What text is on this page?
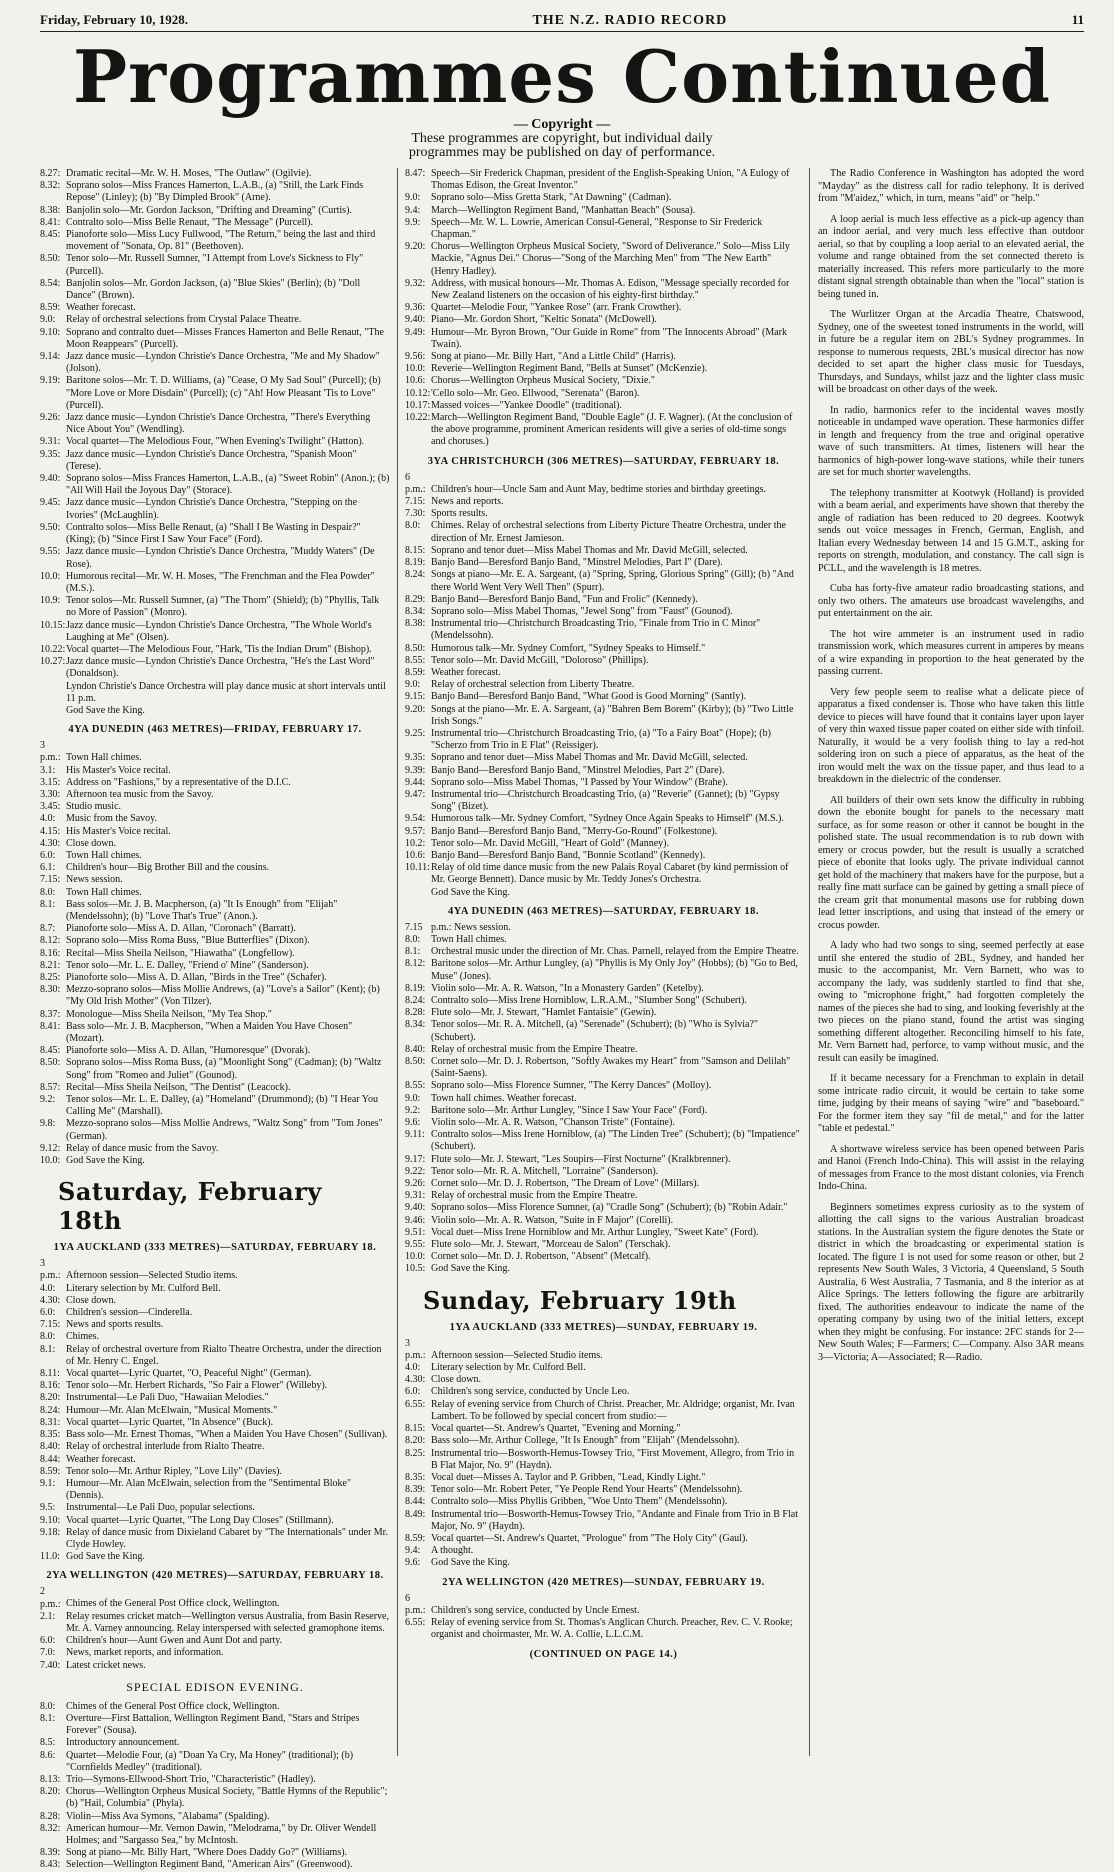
Friday, February 10, 1928.	THE N.Z. RADIO RECORD	11
Programmes Continued
— Copyright —
These programmes are copyright, but individual daily
programmes may be published on day of performance.
8.27: Dramatic recital—Mr. W. H. Moses, "The Outlaw" (Ogilvie).
8.32: Soprano solos—Miss Frances Hamerton, L.A.B., (a) "Still, the Lark Finds Repose" (Linley); (b) "By Dimpled Brook" (Arne).
8.38: Banjolin solo—Mr. Gordon Jackson, "Drifting and Dreaming" (Curtis).
8.41: Contralto solo—Miss Belle Renaut, "The Message" (Purcell).
8.45: Pianoforte solo—Miss Lucy Fullwood, "The Return," being the last and third movement of "Sonata, Op. 81" (Beethoven).
8.50: Tenor solo—Mr. Russell Sumner, "I Attempt from Love's Sickness to Fly" (Purcell).
8.54: Banjolin solos—Mr. Gordon Jackson, (a) "Blue Skies" (Berlin); (b) "Doll Dance" (Brown).
8.59: Weather forecast.
9.0: Relay of orchestral selections from Crystal Palace Theatre.
9.10: Soprano and contralto duet—Misses Frances Hamerton and Belle Renaut, "The Moon Reappears" (Purcell).
9.14: Jazz dance music—Lyndon Christie's Dance Orchestra, "Me and My Shadow" (Jolson).
9.19: Baritone solos—Mr. T. D. Williams, (a) "Cease, O My Sad Soul" (Purcell); (b) "More Love or More Disdain" (Purcell); (c) "Ah! How Pleasant 'Tis to Love" (Purcell).
9.26: Jazz dance music—Lyndon Christie's Dance Orchestra, "There's Everything Nice About You" (Wendling).
9.31: Vocal quartet—The Melodious Four, "When Evening's Twilight" (Hatton).
9.35: Jazz dance music—Lyndon Christie's Dance Orchestra, "Spanish Moon" (Terese).
9.40: Soprano solos—Miss Frances Hamerton, L.A.B., (a) "Sweet Robin" (Anon.); (b) "All Will Hail the Joyous Day" (Storace).
9.45: Jazz dance music—Lyndon Christie's Dance Orchestra, "Stepping on the Ivories" (McLaughlin).
9.50: Contralto solos—Miss Belle Renaut, (a) "Shall I Be Wasting in Despair?" (King); (b) "Since First I Saw Your Face" (Ford).
9.55: Jazz dance music—Lyndon Christie's Dance Orchestra, "Muddy Waters" (De Rose).
10.0: Humorous recital—Mr. W. H. Moses, "The Frenchman and the Flea Powder" (M.S.).
10.9: Tenor solos—Mr. Russell Sumner, (a) "The Thorn" (Shield); (b) "Phyllis, Talk no More of Passion" (Monro).
10.15:Jazz dance music—Lyndon Christie's Dance Orchestra, "The Whole World's Laughing at Me" (Olsen).
10.22:Vocal quartet—The Melodious Four, "Hark, 'Tis the Indian Drum" (Bishop).
10.27:Jazz dance music—Lyndon Christie's Dance Orchestra, "He's the Last Word" (Donaldson).
Lyndon Christie's Dance Orchestra will play dance music at short intervals until 11 p.m.
God Save the King.
4YA DUNEDIN (463 METRES)—FRIDAY, FEBRUARY 17.
3 p.m.: Town Hall chimes.
3.1: His Master's Voice recital.
3.15: Address on "Fashions," by a representative of the D.I.C.
3.30: Afternoon tea music from the Savoy.
3.45: Studio music.
4.0: Music from the Savoy.
4.15: His Master's Voice recital.
4.30: Close down.
6.0: Town Hall chimes.
6.1: Children's hour—Big Brother Bill and the cousins.
7.15: News session.
8.0: Town Hall chimes.
8.1: Bass solos—Mr. J. B. Macpherson, (a) "It Is Enough" from "Elijah" (Mendelssohn); (b) "Love That's True" (Anon.).
8.7: Pianoforte solo—Miss A. D. Allan, "Coronach" (Barratt).
8.12: Soprano solo—Miss Roma Buss, "Blue Butterflies" (Dixon).
8.16: Recital—Miss Sheila Neilson, "Hiawatha" (Longfellow).
8.21: Tenor solo—Mr. L. E. Dalley, "Friend o' Mine" (Sanderson).
8.25: Pianoforte solo—Miss A. D. Allan, "Birds in the Tree" (Schafer).
8.30: Mezzo-soprano solos—Miss Mollie Andrews, (a) "Love's a Sailor" (Kent); (b) "My Old Irish Mother" (Von Tilzer).
8.37: Monologue—Miss Sheila Neilson, "My Tea Shop."
8.41: Bass solo—Mr. J. B. Macpherson, "When a Maiden You Have Chosen" (Mozart).
8.45: Pianoforte solo—Miss A. D. Allan, "Humoresque" (Dvorak).
8.50: Soprano solos—Miss Roma Buss, (a) "Moonlight Song" (Cadman); (b) "Waltz Song" from "Romeo and Juliet" (Gounod).
8.57: Recital—Miss Sheila Neilson, "The Dentist" (Leacock).
9.2: Tenor solos—Mr. L. E. Dalley, (a) "Homeland" (Drummond); (b) "I Hear You Calling Me" (Marshall).
9.8: Mezzo-soprano solos—Miss Mollie Andrews, "Waltz Song" from "Tom Jones" (German).
9.12: Relay of dance music from the Savoy.
10.0: God Save the King.
Saturday, February 18th
1YA AUCKLAND (333 METRES)—SATURDAY, FEBRUARY 18.
3 p.m.: Afternoon session—Selected Studio items.
4.0: Literary selection by Mr. Culford Bell.
4.30: Close down.
6.0: Children's session—Cinderella.
7.15: News and sports results.
8.0: Chimes.
8.1: Relay of orchestral overture from Rialto Theatre Orchestra, under the direction of Mr. Henry C. Engel.
8.11: Vocal quartet—Lyric Quartet, "O, Peaceful Night" (German).
8.16: Tenor solo—Mr. Herbert Richards, "So Fair a Flower" (Willeby).
8.20: Instrumental—Le Pali Duo, "Hawaiian Melodies."
8.24: Humour—Mr. Alan McElwain, "Musical Moments."
8.31: Vocal quartet—Lyric Quartet, "In Absence" (Buck).
8.35: Bass solo—Mr. Ernest Thomas, "When a Maiden You Have Chosen" (Sullivan).
8.40: Relay of orchestral interlude from Rialto Theatre.
8.44: Weather forecast.
8.59: Tenor solo—Mr. Arthur Ripley, "Love Lily" (Davies).
9.1: Humour—Mr. Alan McElwain, selection from the "Sentimental Bloke" (Dennis).
9.5: Instrumental—Le Pali Duo, popular selections.
9.10: Vocal quartet—Lyric Quartet, "The Long Day Closes" (Stillmann).
9.18: Relay of dance music from Dixieland Cabaret by "The Internationals" under Mr. Clyde Howley.
11.0: God Save the King.
2YA WELLINGTON (420 METRES)—SATURDAY, FEBRUARY 18.
2 p.m.: Chimes of the General Post Office clock, Wellington.
2.1: Relay resumes cricket match—Wellington versus Australia, from Basin Reserve, Mr. A. Varney announcing. Relay interspersed with selected gramophone items.
6.0: Children's hour—Aunt Gwen and Aunt Dot and party.
7.0: News, market reports, and information.
7.40: Latest cricket news.
SPECIAL EDISON EVENING.
8.0: Chimes of the General Post Office clock, Wellington.
8.1: Overture—First Battalion, Wellington Regiment Band, "Stars and Stripes Forever" (Sousa).
8.5: Introductory announcement.
8.6: Quartet—Melodie Four, (a) "Doan Ya Cry, Ma Honey" (traditional); (b) "Cornfields Medley" (traditional).
8.13: Trio—Symons-Ellwood-Short Trio, "Characteristic" (Hadley).
8.20: Chorus—Wellington Orpheus Musical Society, "Battle Hymns of the Republic"; (b) "Hail, Columbia" (Phyla).
8.28: Violin—Miss Ava Symons, "Alabama" (Spalding).
8.32: American humour—Mr. Vernon Dawin, "Melodrama," by Dr. Oliver Wendell Holmes; and "Sargasso Sea," by McIntosh.
8.39: Song at piano—Mr. Billy Hart, "Where Does Daddy Go?" (Williams).
8.43: Selection—Wellington Regiment Band, "American Airs" (Greenwood).
8.47: Speech—Sir Frederick Chapman, president of the English-Speaking Union, "A Eulogy of Thomas Edison, the Great Inventor."
9.0: Soprano solo—Miss Gretta Stark, "At Dawning" (Cadman).
9.4: March—Wellington Regiment Band, "Manhattan Beach" (Sousa).
9.9: Speech—Mr. W. L. Lowrie, American Consul-General, "Response to Sir Frederick Chapman."
9.20: Chorus—Wellington Orpheus Musical Society, "Sword of Deliverance." Solo—Miss Lily Mackie, "Agnus Dei." Chorus—"Song of the Marching Men" from "The New Earth" (Henry Hadley).
9.32: Address, with musical honours—Mr. Thomas A. Edison, "Message specially recorded for New Zealand listeners on the occasion of his eighty-first birthday."
9.36: Quartet—Melodie Four, "Yankee Rose" (arr. Frank Crowther).
9.40: Piano—Mr. Gordon Short, "Keltic Sonata" (McDowell).
9.49: Humour—Mr. Byron Brown, "Our Guide in Rome" from "The Innocents Abroad" (Mark Twain).
9.56: Song at piano—Mr. Billy Hart, "And a Little Child" (Harris).
10.0: Reverie—Wellington Regiment Band, "Bells at Sunset" (McKenzie).
10.6: Chorus—Wellington Orpheus Musical Society, "Dixie."
10.12:'Cello solo—Mr. Geo. Ellwood, "Serenata" (Baron).
10.17:Massed voices—"Yankee Doodle" (traditional).
10.22:March—Wellington Regiment Band, "Double Eagle" (J. F. Wagner). (At the conclusion of the above programme, prominent American residents will give a series of old-time songs and choruses.)
3YA CHRISTCHURCH (306 METRES)—SATURDAY, FEBRUARY 18.
6 p.m.: Children's hour—Uncle Sam and Aunt May, bedtime stories and birthday greetings.
7.15: News and reports.
7.30: Sports results.
8.0: Chimes. Relay of orchestral selections from Liberty Picture Theatre Orchestra, under the direction of Mr. Ernest Jamieson.
8.15: Soprano and tenor duet—Miss Mabel Thomas and Mr. David McGill, selected.
8.19: Banjo Band—Beresford Banjo Band, "Minstrel Melodies, Part I" (Dare).
8.24: Songs at piano—Mr. E. A. Sargeant, (a) "Spring, Spring, Glorious Spring" (Gill); (b) "And there World Went Very Well Then" (Spurr).
8.29: Banjo Band—Beresford Banjo Band, "Fun and Frolic" (Kennedy).
8.34: Soprano solo—Miss Mabel Thomas, "Jewel Song" from "Faust" (Gounod).
8.38: Instrumental trio—Christchurch Broadcasting Trio, "Finale from Trio in C Minor" (Mendelssohn).
8.50: Humorous talk—Mr. Sydney Comfort, "Sydney Speaks to Himself."
8.55: Tenor solo—Mr. David McGill, "Doloroso" (Phillips).
8.59: Weather forecast.
9.0: Relay of orchestral selection from Liberty Theatre.
9.15: Banjo Band—Beresford Banjo Band, "What Good is Good Morning" (Santly).
9.20: Songs at the piano—Mr. E. A. Sargeant, (a) "Bahren Bem Borem" (Kirby); (b) "Two Little Irish Songs."
9.25: Instrumental trio—Christchurch Broadcasting Trio, (a) "To a Fairy Boat" (Hope); (b) "Scherzo from Trio in E Flat" (Reissiger).
9.35: Soprano and tenor duet—Miss Mabel Thomas and Mr. David McGill, selected.
9.39: Banjo Band—Beresford Banjo Band, "Minstrel Melodies, Part 2" (Dare).
9.44: Soprano solo—Miss Mabel Thomas, "I Passed by Your Window" (Brahe).
9.47: Instrumental trio—Christchurch Broadcasting Trio, (a) "Reverie" (Gannet); (b) "Gypsy Song" (Bizet).
9.54: Humorous talk—Mr. Sydney Comfort, "Sydney Once Again Speaks to Himself" (M.S.).
9.57: Banjo Band—Beresford Banjo Band, "Merry-Go-Round" (Folkestone).
10.2: Tenor solo—Mr. David McGill, "Heart of Gold" (Manney).
10.6: Banjo Band—Beresford Banjo Band, "Bonnie Scotland" (Kennedy).
10.11:Relay of old time dance music from the new Palais Royal Cabaret (by kind permission of Mr. George Bennett). Dance music by Mr. Teddy Jones's Orchestra.
God Save the King.
4YA DUNEDIN (463 METRES)—SATURDAY, FEBRUARY 18.
7.15 p.m.: News session.
8.0: Town Hall chimes.
8.1: Orchestral music under the direction of Mr. Chas. Parnell, relayed from the Empire Theatre.
8.12: Baritone solos—Mr. Arthur Lungley, (a) "Phyllis is My Only Joy" (Hobbs); (b) "Go to Bed, Muse" (Jones).
8.19: Violin solo—Mr. A. R. Watson, "In a Monastery Garden" (Ketelby).
8.24: Contralto solo—Miss Irene Horniblow, L.R.A.M., "Slumber Song" (Schubert).
8.28: Flute solo—Mr. J. Stewart, "Hamlet Fantaisie" (Gewin).
8.34: Tenor solos—Mr. R. A. Mitchell, (a) "Serenade" (Schubert); (b) "Who is Sylvia?" (Schubert).
8.40: Relay of orchestral music from the Empire Theatre.
8.50: Cornet solo—Mr. D. J. Robertson, "Softly Awakes my Heart" from "Samson and Delilah" (Saint-Saens).
8.55: Soprano solo—Miss Florence Sumner, "The Kerry Dances" (Molloy).
9.0: Town hall chimes. Weather forecast.
9.2: Baritone solo—Mr. Arthur Lungley, "Since I Saw Your Face" (Ford).
9.6: Violin solo—Mr. A. R. Watson, "Chanson Triste" (Fontaine).
9.11: Contralto solos—Miss Irene Horniblow, (a) "The Linden Tree" (Schubert); (b) "Impatience" (Schubert).
9.17: Flute solo—Mr. J. Stewart, "Les Soupirs—First Nocturne" (Kralkbrenner).
9.22: Tenor solo—Mr. R. A. Mitchell, "Lorraine" (Sanderson).
9.26: Cornet solo—Mr. D. J. Robertson, "The Dream of Love" (Millars).
9.31: Relay of orchestral music from the Empire Theatre.
9.40: Soprano solos—Miss Florence Sumner, (a) "Cradle Song" (Schubert); (b) "Robin Adair."
9.46: Violin solo—Mr. A. R. Watson, "Suite in F Major" (Corelli).
9.51: Vocal duet—Miss Irene Horniblow and Mr. Arthur Lungley, "Sweet Kate" (Ford).
9.55: Flute solo—Mr. J. Stewart, "Morceau de Salon" (Terschak).
10.0: Cornet solo—Mr. D. J. Robertson, "Absent" (Metcalf).
10.5: God Save the King.
Sunday, February 19th
1YA AUCKLAND (333 METRES)—SUNDAY, FEBRUARY 19.
3 p.m.: Afternoon session—Selected Studio items.
4.0: Literary selection by Mr. Culford Bell.
4.30: Close down.
6.0: Children's song service, conducted by Uncle Leo.
6.55: Relay of evening service from Church of Christ. Preacher, Mr. Aldridge; organist, Mr. Ivan Lambert. To be followed by special concert from studio:—
8.15: Vocal quartet—St. Andrew's Quartet, "Evening and Morning."
8.20: Bass solo—Mr. Arthur College, "It Is Enough" from "Elijah" (Mendelssohn).
8.25: Instrumental trio—Bosworth-Hemus-Towsey Trio, "First Movement, Allegro, from Trio in B Flat Major, No. 9" (Haydn).
8.35: Vocal duet—Misses A. Taylor and P. Gribben, "Lead, Kindly Light."
8.39: Tenor solo—Mr. Robert Peter, "Ye People Rend Your Hearts" (Mendelssohn).
8.44: Contralto solo—Miss Phyllis Gribben, "Woe Unto Them" (Mendelssohn).
8.49: Instrumental trio—Bosworth-Hemus-Towsey Trio, "Andante and Finale from Trio in B Flat Major, No. 9" (Haydn).
8.59: Vocal quartet—St. Andrew's Quartet, "Prologue" from "The Holy City" (Gaul).
9.4: A thought.
9.6: God Save the King.
2YA WELLINGTON (420 METRES)—SUNDAY, FEBRUARY 19.
6 p.m.: Children's song service, conducted by Uncle Ernest.
6.55: Relay of evening service from St. Thomas's Anglican Church. Preacher, Rev. C. V. Rooke; organist and choirmaster, Mr. W. A. Collie, L.L.C.M.
(CONTINUED ON PAGE 14.)

The Radio Conference in Washington has adopted the word "Mayday" as the distress call for radio telephony. It is derived from "M'aidez," which, in turn, means "aid" or "help."

A loop aerial is much less effective as a pick-up agency than an indoor aerial, and very much less effective than outdoor aerial, so that by coupling a loop aerial to an elevated aerial, the volume and range obtained from the set connected thereto is materially increased. This refers more particularly to the more distant signal strength obtainable than when the "local" station is being tuned in.

The Wurlitzer Organ at the Arcadia Theatre, Chatswood, Sydney, one of the sweetest toned instruments in the world, will in future be a regular item on 2BL's Sydney programmes. In response to numerous requests, 2BL's musical director has now decided to set apart the higher class music for Tuesdays, Thursdays, and Sundays, whilst jazz and the lighter class music will be broadcast on other days of the week.

In radio, harmonics refer to the incidental waves mostly noticeable in undamped wave operation. These harmonics differ in length and frequency from the true and original operative wave of such transmitters. At times, listeners will hear the harmonics of high-power long-wave stations, while their tuners are set for much shorter wavelengths.

The telephony transmitter at Kootwyk (Holland) is provided with a beam aerial, and experiments have shown that thereby the angle of radiation has been reduced to 20 degrees. Kootwyk sends out voice messages in French, German, English, and Italian every Wednesday between 14 and 15 G.M.T., asking for reports on strength, modulation, and constancy. The call sign is PCLL, and the wavelength is 18 metres.

Cuba has forty-five amateur radio broadcasting stations, and only two others. The amateurs use broadcast wavelengths, and put entertainment on the air.

The hot wire ammeter is an instrument used in radio transmission work, which measures current in amperes by means of a wire expanding in proportion to the heat generated by the passing current.

Very few people seem to realise what a delicate piece of apparatus a fixed condenser is. Those who have taken this little device to pieces will have found that it contains layer upon layer of very thin waxed tissue paper coated on either side with tinfoil. Naturally, it would be a very foolish thing to lay a red-hot soldering iron on such a piece of apparatus, as the heat of the iron would melt the wax on the tissue paper, and thus lead to a breakdown in the dielectric of the condenser.

All builders of their own sets know the difficulty in rubbing down the ebonite bought for panels to the necessary matt surface, as for some reason or other it cannot be bought in the polished state. The usual recommendation is to rub down with emery or crocus powder, but the result is usually a scratched piece of ebonite that looks ugly. The private individual cannot get hold of the machinery that makers have for the purpose, but a really fine matt surface can be gained by getting a small piece of the cream grit that monumental masons use for rubbing down lead letter inscriptions, and using that instead of the emery or crocus powder.

A lady who had two songs to sing, seemed perfectly at ease until she entered the studio of 2BL, Sydney, and handed her music to the accompanist, Mr. Vern Barnett, who was to accompany the lady, was suddenly startled to find that she, owing to "microphone fright," had forgotten completely the names of the pieces she had to sing, and looking feverishly at the two pieces on the piano stand, found the artist was singing something different altogether. Reconciling himself to his fate, Mr. Vern Barnett had, perforce, to vamp without music, and the result can easily be imagined.

If it became necessary for a Frenchman to explain in detail some intricate radio circuit, it would be certain to take some time, judging by their means of saying "wire" and "baseboard." For the former item they say "fil de metal," and for the latter "table et pedestal."

A shortwave wireless service has been opened between Paris and Hanoi (French Indo-China). This will assist in the relaying of messages from France to the most distant colonies, via French Indo-China.

Beginners sometimes express curiosity as to the system of allotting the call signs to the various Australian broadcast stations. In the Australian system the figure denotes the State or district in which the broadcasting or experimental station is located. The figure 1 is not used for some reason or other, but 2 represents New South Wales, 3 Victoria, 4 Queensland, 5 South Australia, 6 West Australia, 7 Tasmania, and 8 the interior as at Alice Springs. The letters following the figure are arbitrarily fixed. The authorities endeavour to indicate the name of the operating company by using two of the initial letters, except when they might be confusing. For instance: 2FC stands for 2—New South Wales; F—Farmers; C—Company. Also 3AR means 3—Victoria; A—Associated; R—Radio.
